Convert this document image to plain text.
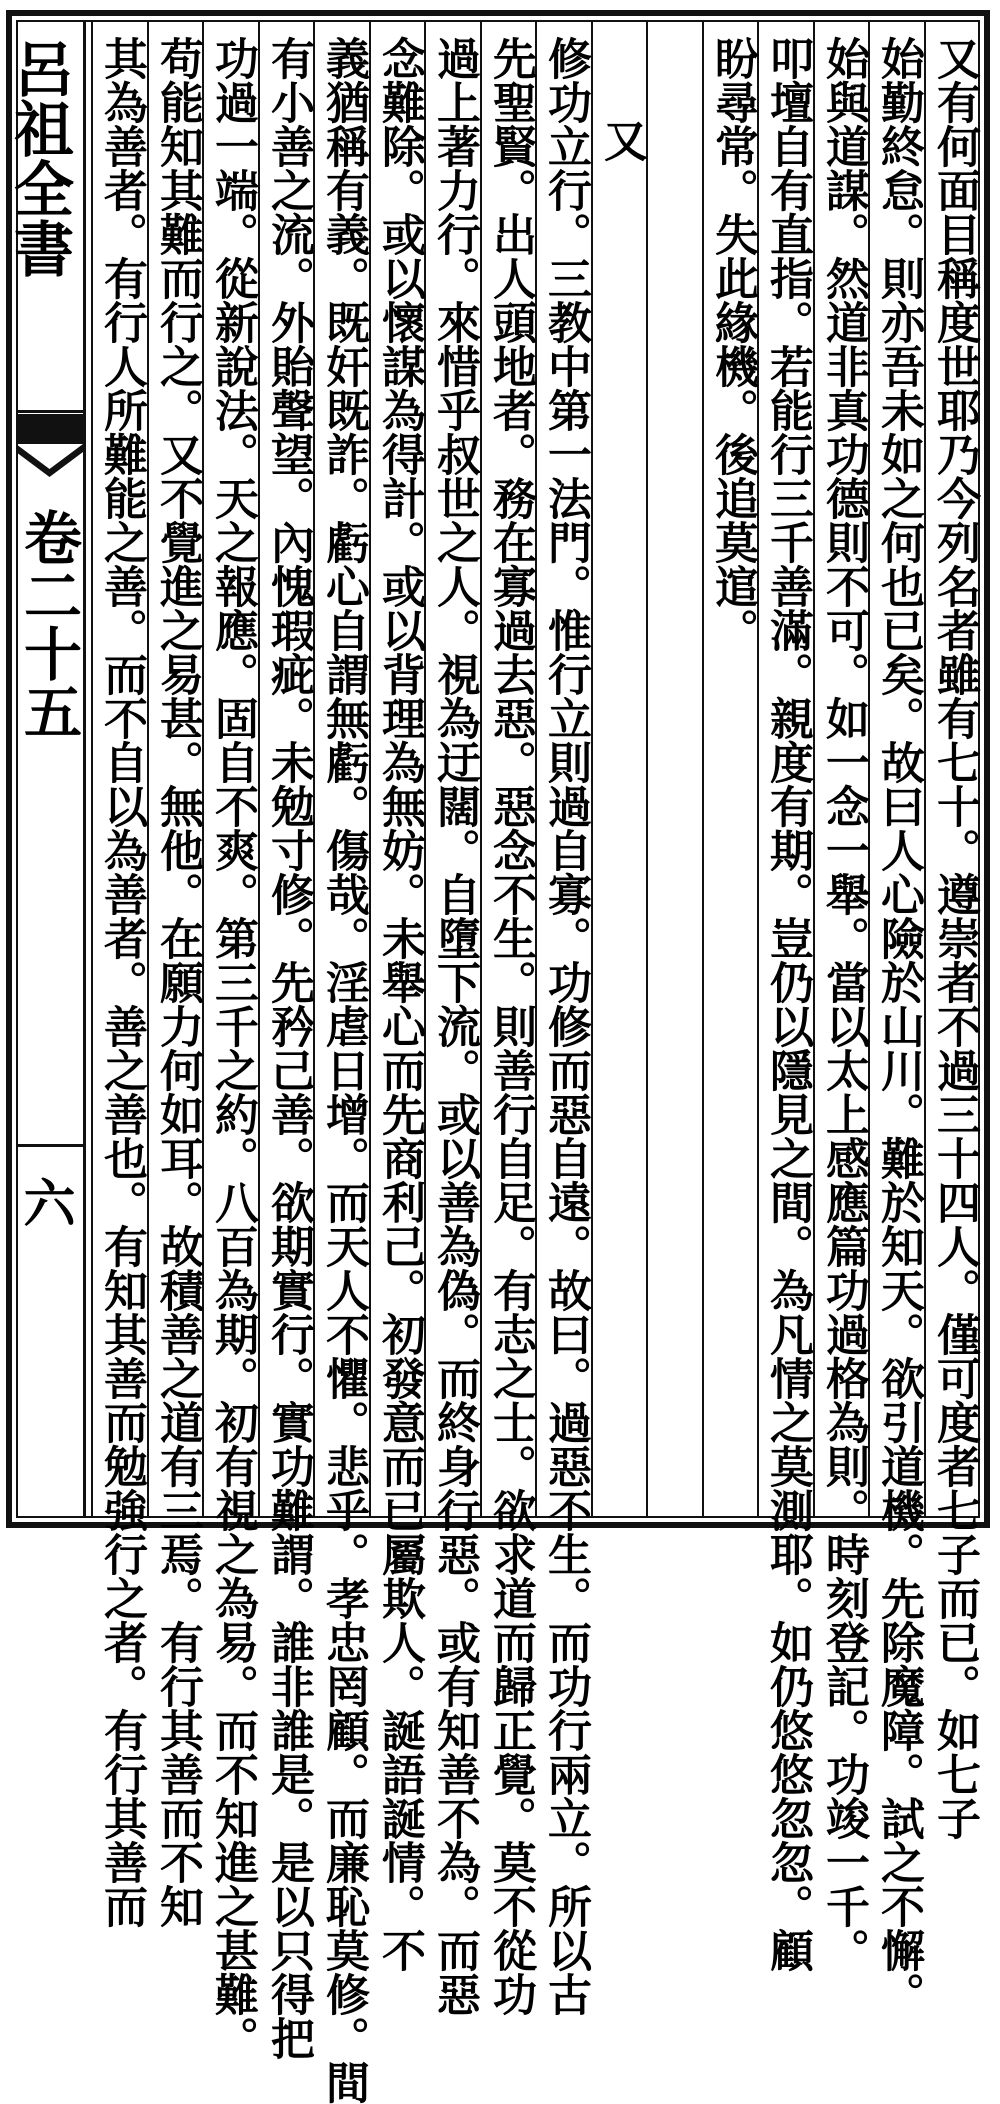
呂祖全書
卷二十五
六	又有何面目稱度世耶乃今列名者雖有七十。遵崇者不過三十四人。僅可度者七子而已。如七子
始勤終怠。則亦吾未如之何也已矣。故曰人心險於山川。難於知天。欲引道機。先除魔障。試之不懈。
始與道謀。然道非真功德則不可。如一念一舉。當以太上感應篇功過格為則。時刻登記。功竣一千。
叩壇自有直指。若能行三千善滿。親度有期。豈仍以隱見之間。為凡情之莫測耶。如仍悠悠忽忽。顧
盼尋常。失此緣機。後追莫逭。
又
修功立行。三教中第一法門。惟行立則過自寡。功修而惡自遠。故曰。過惡不生。而功行兩立。所以古
先聖賢。出人頭地者。務在寡過去惡。惡念不生。則善行自足。有志之士。欲求道而歸正覺。莫不從功
過上著力行。來惜乎叔世之人。視為迂闊。自墮下流。或以善為偽。而終身行惡。或有知善不為。而惡
念難除。或以懷謀為得計。或以背理為無妨。未舉心而先商利己。初發意而已屬欺人。誕語誕情。不
義猶稱有義。既奸既詐。虧心自謂無虧。傷哉。淫虐日增。而天人不懼。悲乎。孝忠罔顧。而廉恥莫修。間
有小善之流。外貽聲望。內愧瑕疵。未勉寸修。先矜己善。欲期實行。實功難謂。誰非誰是。是以只得把
功過一端。從新說法。天之報應。固自不爽。第三千之約。八百為期。初有視之為易。而不知進之甚難。
苟能知其難而行之。又不覺進之易甚。無他。在願力何如耳。故積善之道有三焉。有行其善而不知
其為善者。有行人所難能之善。而不自以為善者。善之善也。有知其善而勉強行之者。有行其善而
